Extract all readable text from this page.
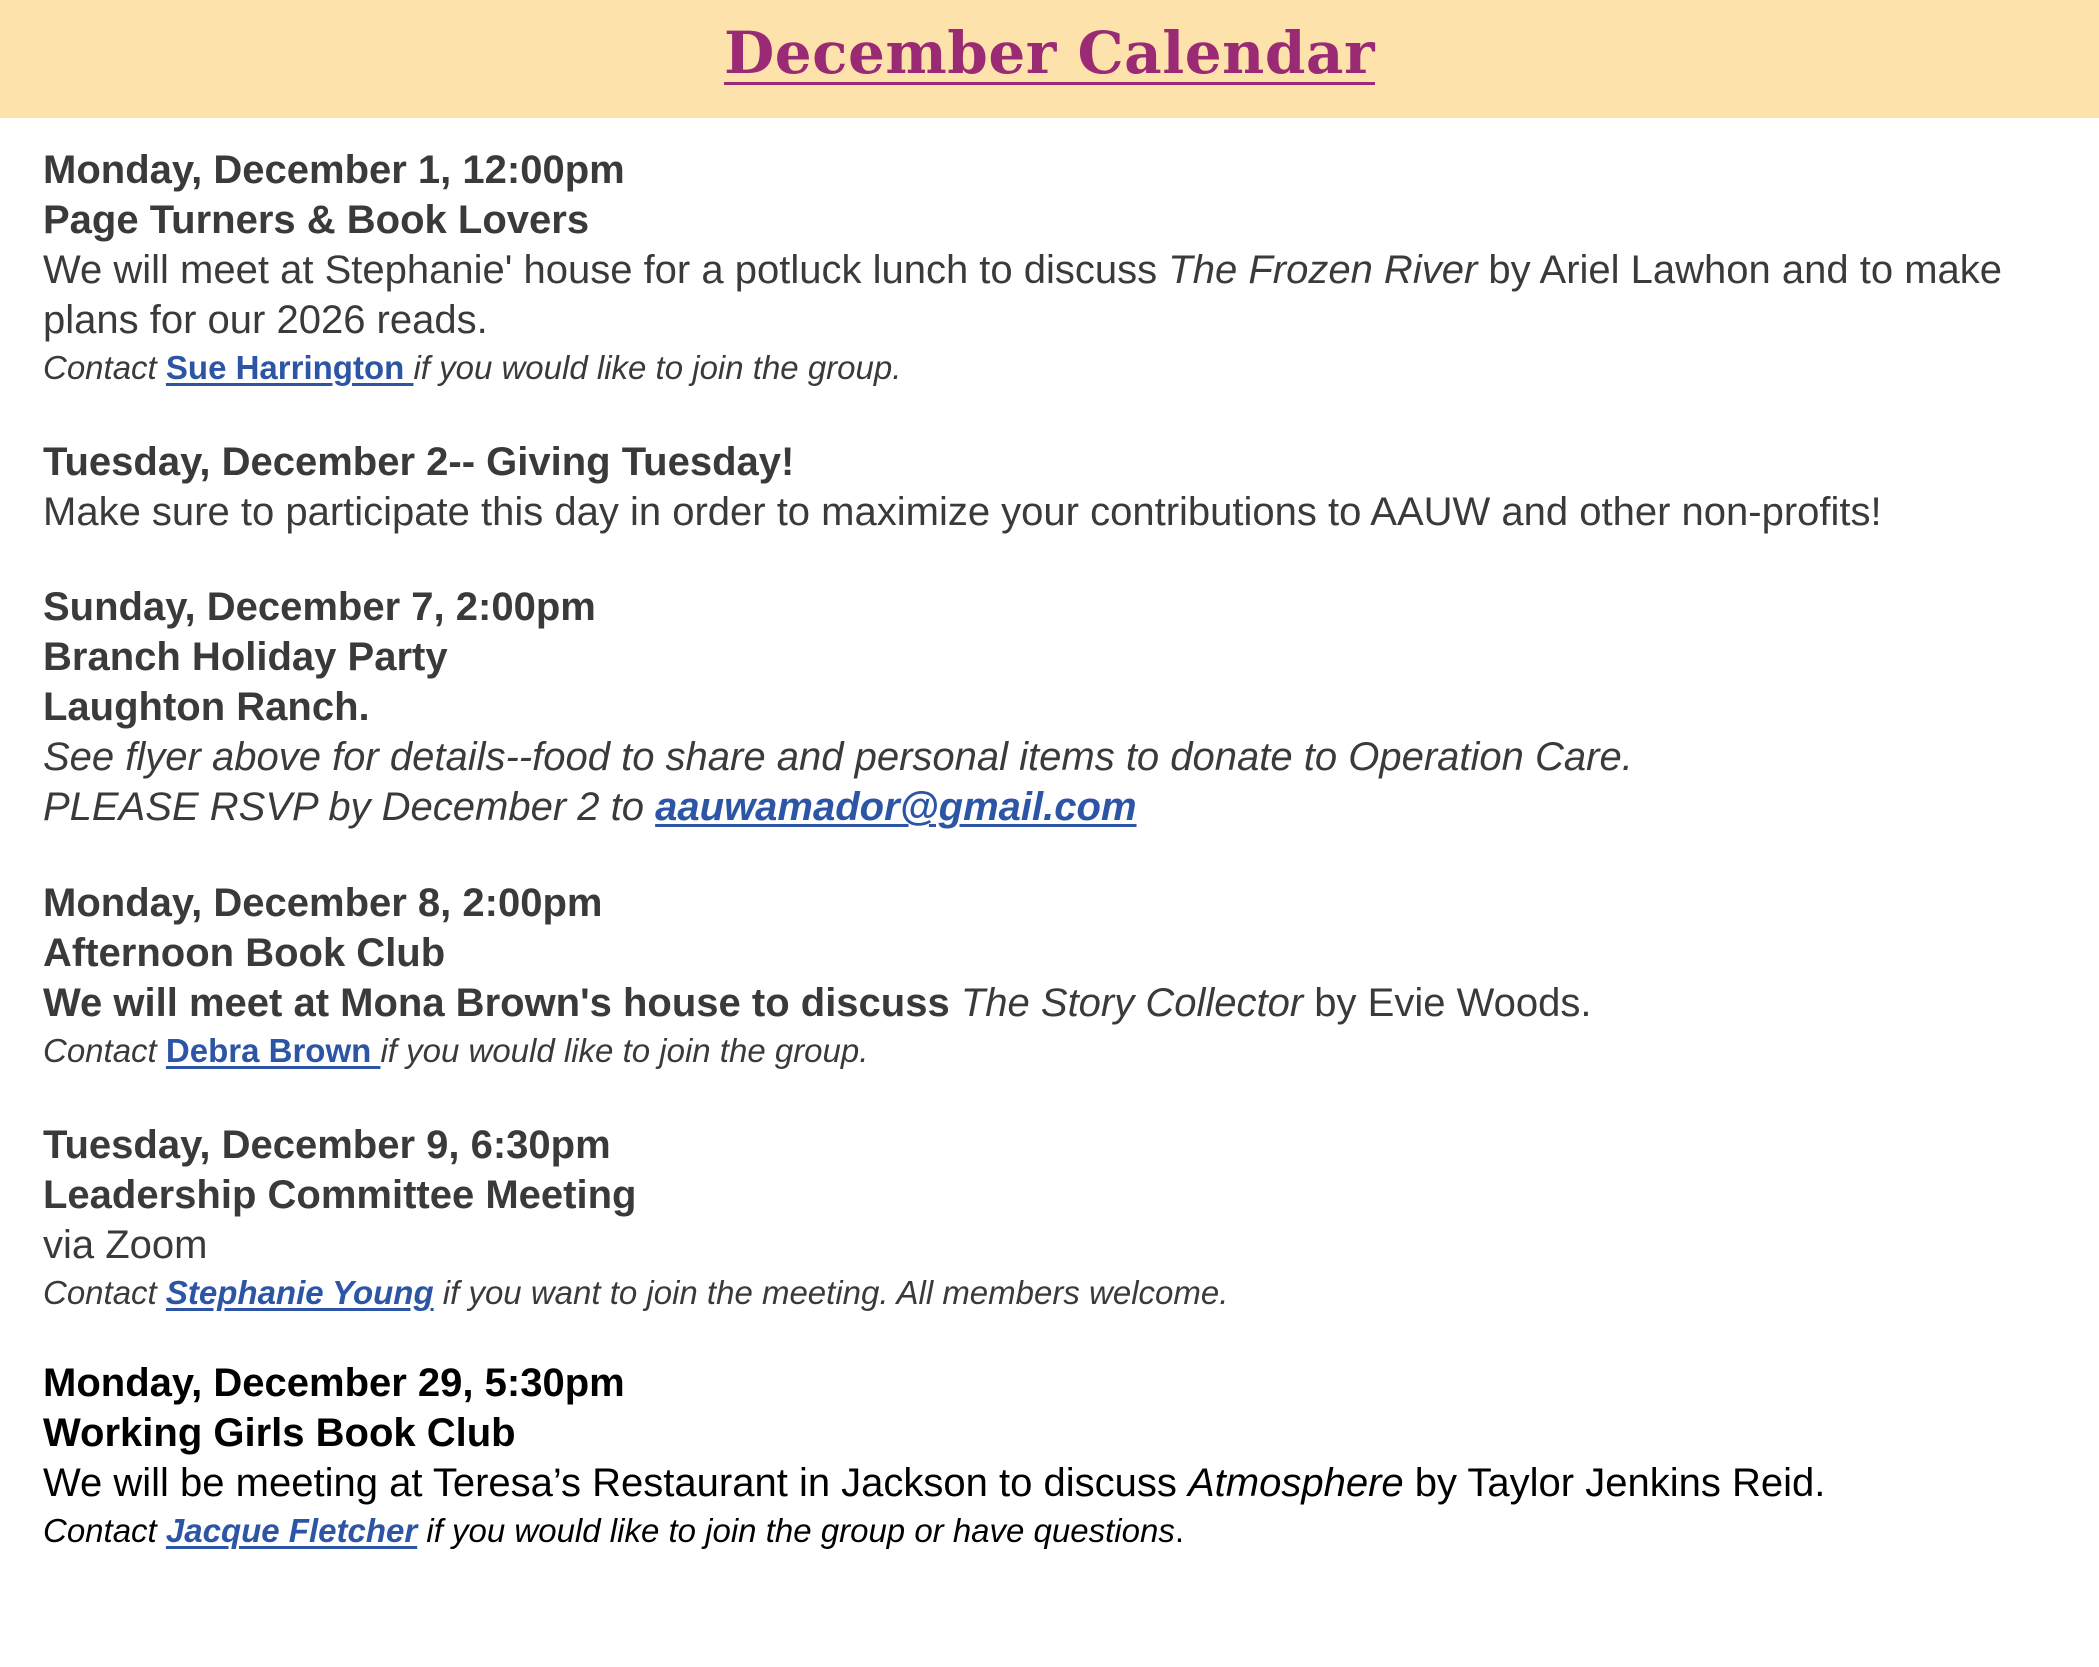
December Calendar

Monday, December 1, 12:00pm

Page Turners & Book Lovers

We will meet at Stephanie' house for a potluck lunch to discuss The Frozen River by Ariel Lawhon and to make plans for our 2026 reads.

Contact Sue Harrington if you would like to join the group.

Tuesday, December 2-- Giving Tuesday!

Make sure to participate this day in order to maximize your contributions to AAUW and other non-profits!

Sunday, December 7, 2:00pm

Branch Holiday Party

Laughton Ranch.

See flyer above for details--food to share and personal items to donate to Operation Care.

PLEASE RSVP by December 2 to aauwamador@gmail.com

Monday, December 8, 2:00pm

Afternoon Book Club

We will meet at Mona Brown's house to discuss The Story Collector by Evie Woods.

Contact Debra Brown if you would like to join the group.

Tuesday, December 9, 6:30pm

Leadership Committee Meeting

via Zoom

Contact Stephanie Young if you want to join the meeting. All members welcome.

Monday, December 29, 5:30pm

Working Girls Book Club

We will be meeting at Teresa’s Restaurant in Jackson to discuss Atmosphere by Taylor Jenkins Reid.

Contact Jacque Fletcher if you would like to join the group or have questions.
